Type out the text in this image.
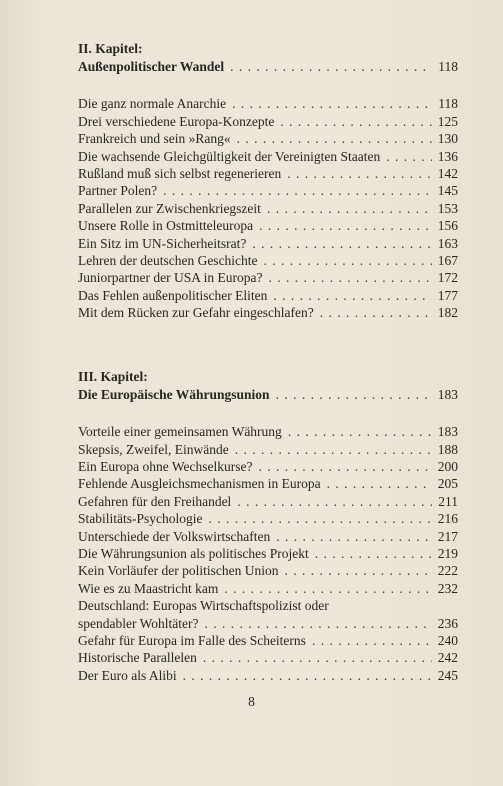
II. Kapitel:
Außenpolitischer Wandel . . .	118
Die ganz normale Anarchie . . .	118
Drei verschiedene Europa-Konzepte . . .	125
Frankreich und sein »Rang« . . .	130
Die wachsende Gleichgültigkeit der Vereinigten Staaten . . .	136
Rußland muß sich selbst regenerieren . . .	142
Partner Polen? . . .	145
Parallelen zur Zwischenkriegszeit . . .	153
Unsere Rolle in Ostmitteleuropa . . .	156
Ein Sitz im UN-Sicherheitsrat? . . .	163
Lehren der deutschen Geschichte . . .	167
Juniorpartner der USA in Europa? . . .	172
Das Fehlen außenpolitischer Eliten . . .	177
Mit dem Rücken zur Gefahr eingeschlafen? . . .	182
III. Kapitel:
Die Europäische Währungsunion . . .	183
Vorteile einer gemeinsamen Währung . . .	183
Skepsis, Zweifel, Einwände . . .	188
Ein Europa ohne Wechselkurse? . . .	200
Fehlende Ausgleichsmechanismen in Europa . . .	205
Gefahren für den Freihandel . . .	211
Stabilitäts-Psychologie . . .	216
Unterschiede der Volkswirtschaften . . .	217
Die Währungsunion als politisches Projekt . . .	219
Kein Vorläufer der politischen Union . . .	222
Wie es zu Maastricht kam . . .	232
Deutschland: Europas Wirtschaftspolizist oder
spendabler Wohltäter? . . .	236
Gefahr für Europa im Falle des Scheiterns . . .	240
Historische Parallelen . . .	242
Der Euro als Alibi . . .	245
8
